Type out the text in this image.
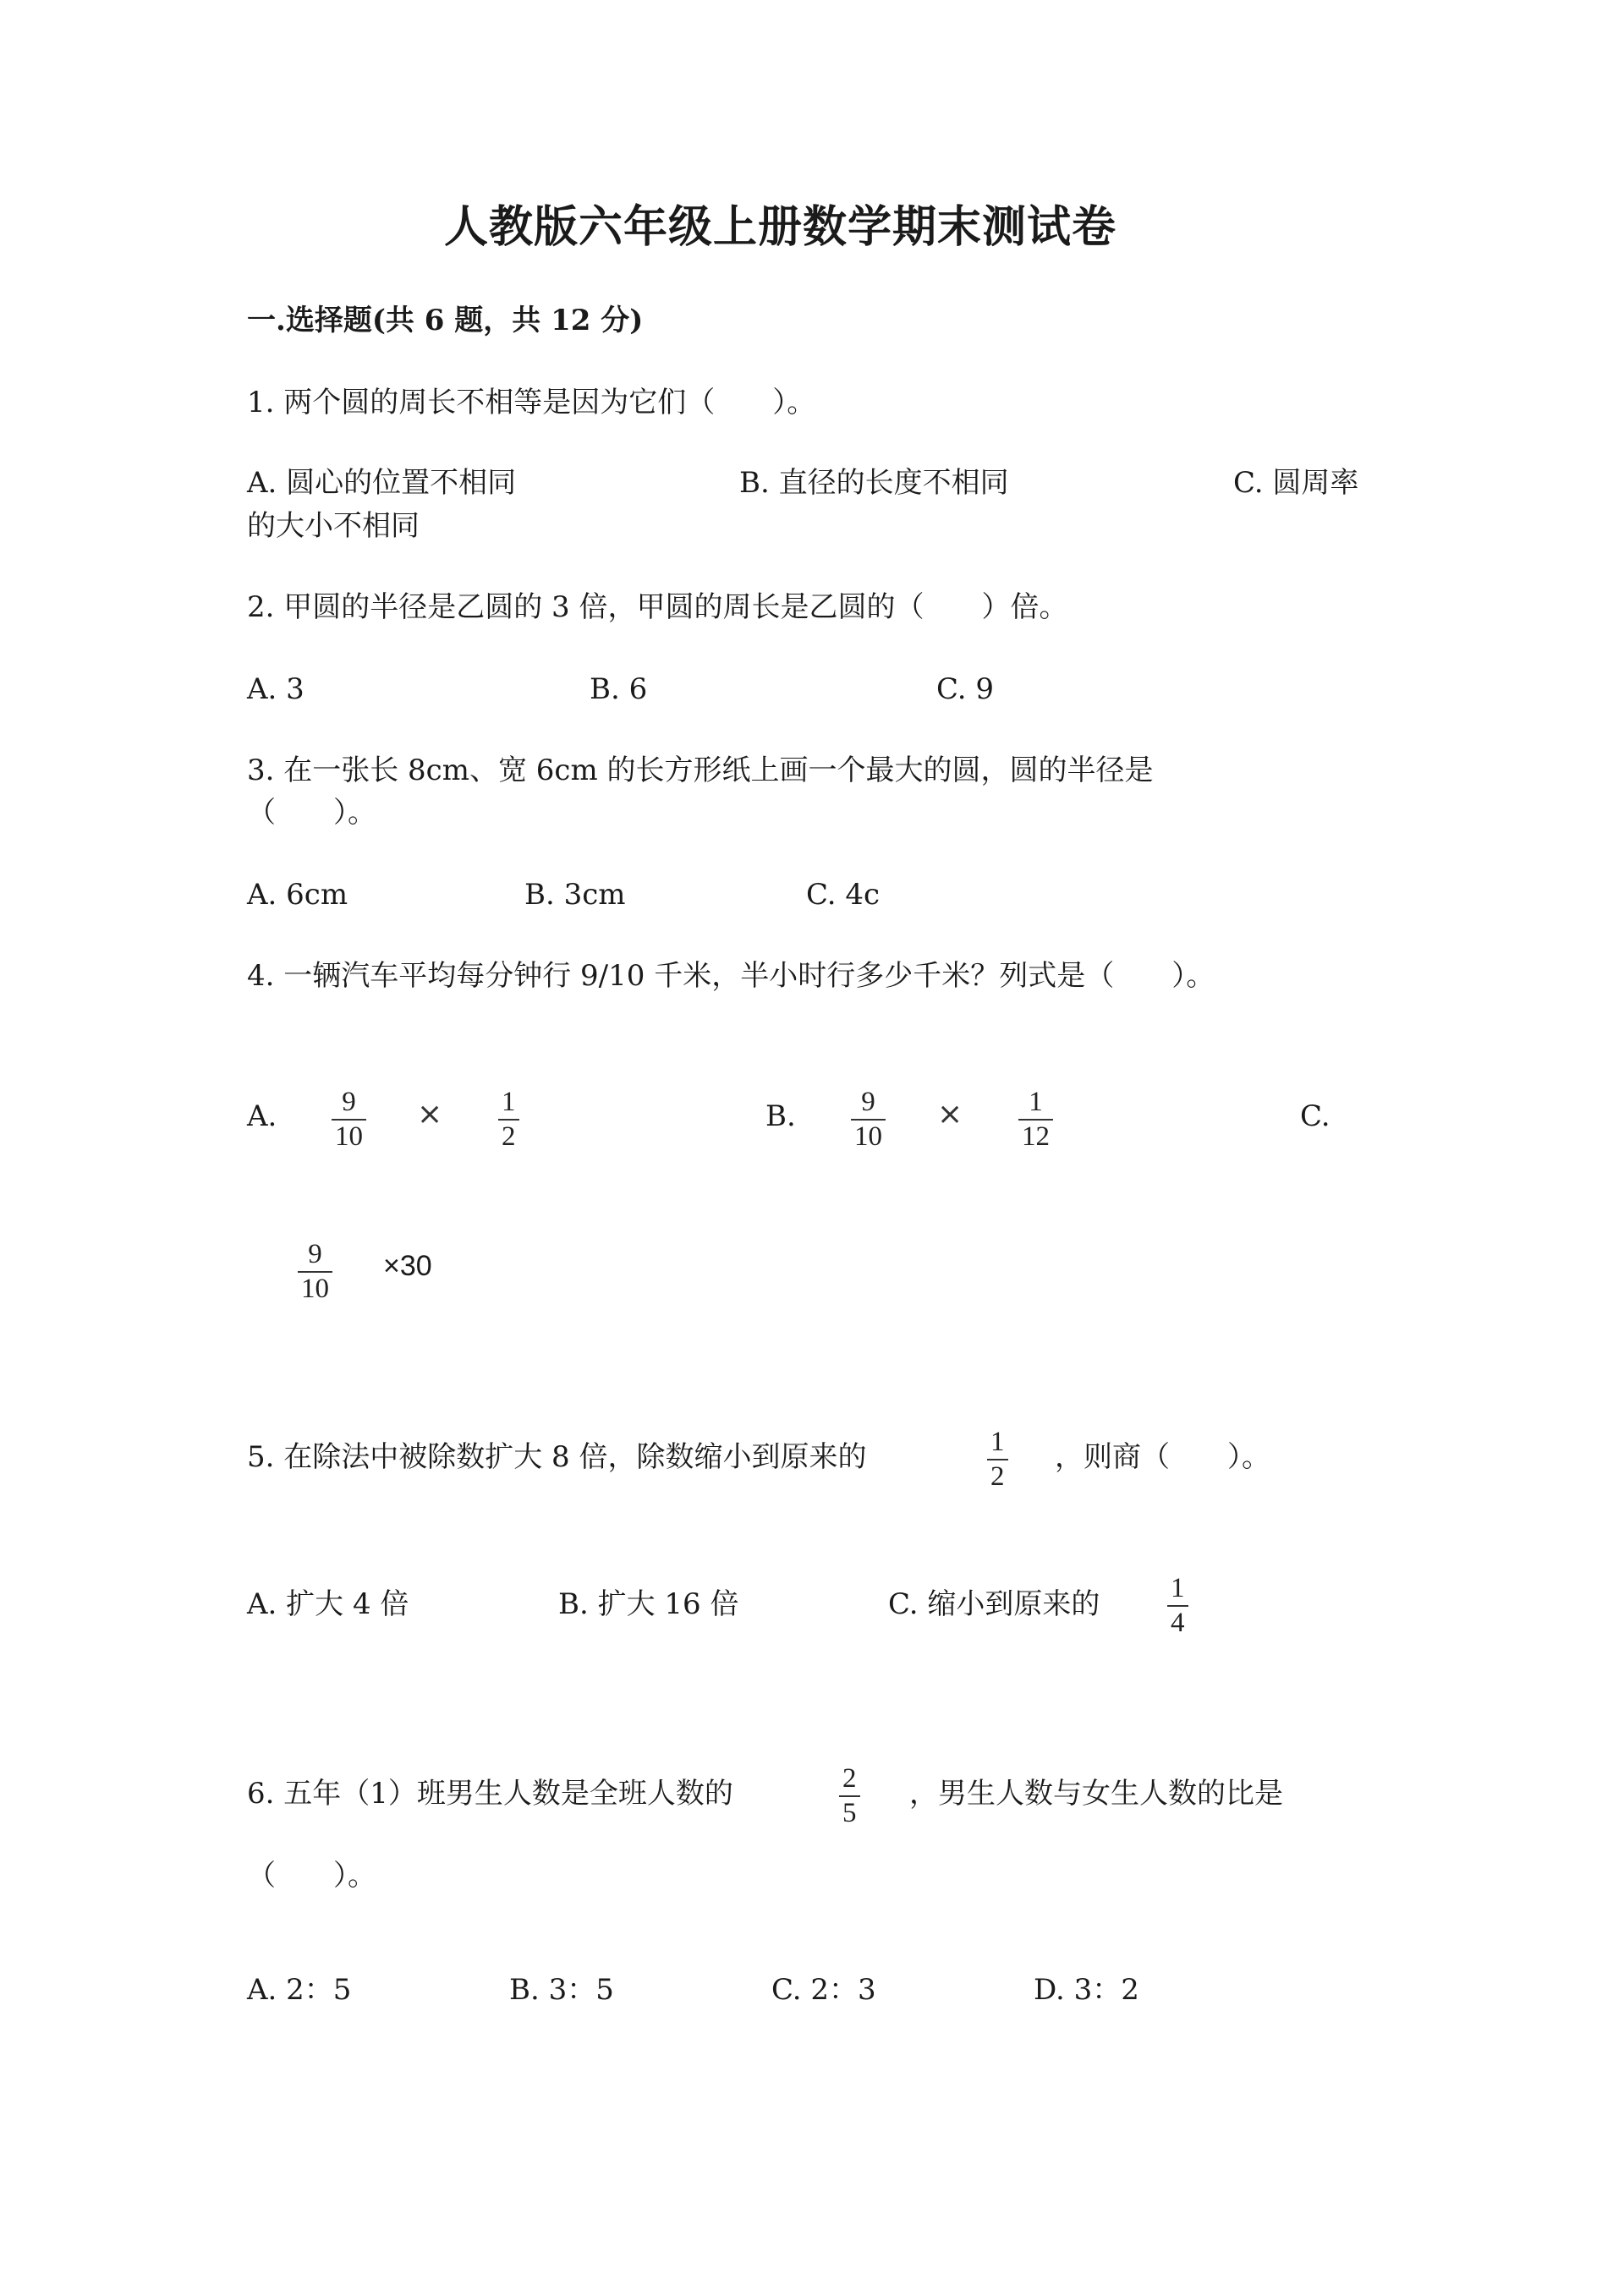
人教版六年级上册数学期末测试卷
一.选择题(共 6 题，共 12 分)
1. 两个圆的周长不相等是因为它们（　　）。
A. 圆心的位置不相同	B. 直径的长度不相同	C. 圆周率
的大小不相同
2. 甲圆的半径是乙圆的 3 倍，甲圆的周长是乙圆的（　　）倍。
A. 3	B. 6	C. 9
3. 在一张长 8cm、宽 6cm 的长方形纸上画一个最大的圆，圆的半径是
（　　）。
A. 6cm	B. 3cm	C. 4c
4. 一辆汽车平均每分钟行 9/10 千米，半小时行多少千米？列式是（　　）。
A. 9
10
× 1
2
B. 9
10
× 1
12
C.
9
10
×30
5. 在除法中被除数扩大 8 倍，除数缩小到原来的	1
2
，则商（　　）。
A. 扩大 4 倍	B. 扩大 16 倍	C. 缩小到原来的	1
4
6. 五年（1）班男生人数是全班人数的	2
5
，男生人数与女生人数的比是
（　　）。
A. 2：5	B. 3：5	C. 2：3	D. 3：2
